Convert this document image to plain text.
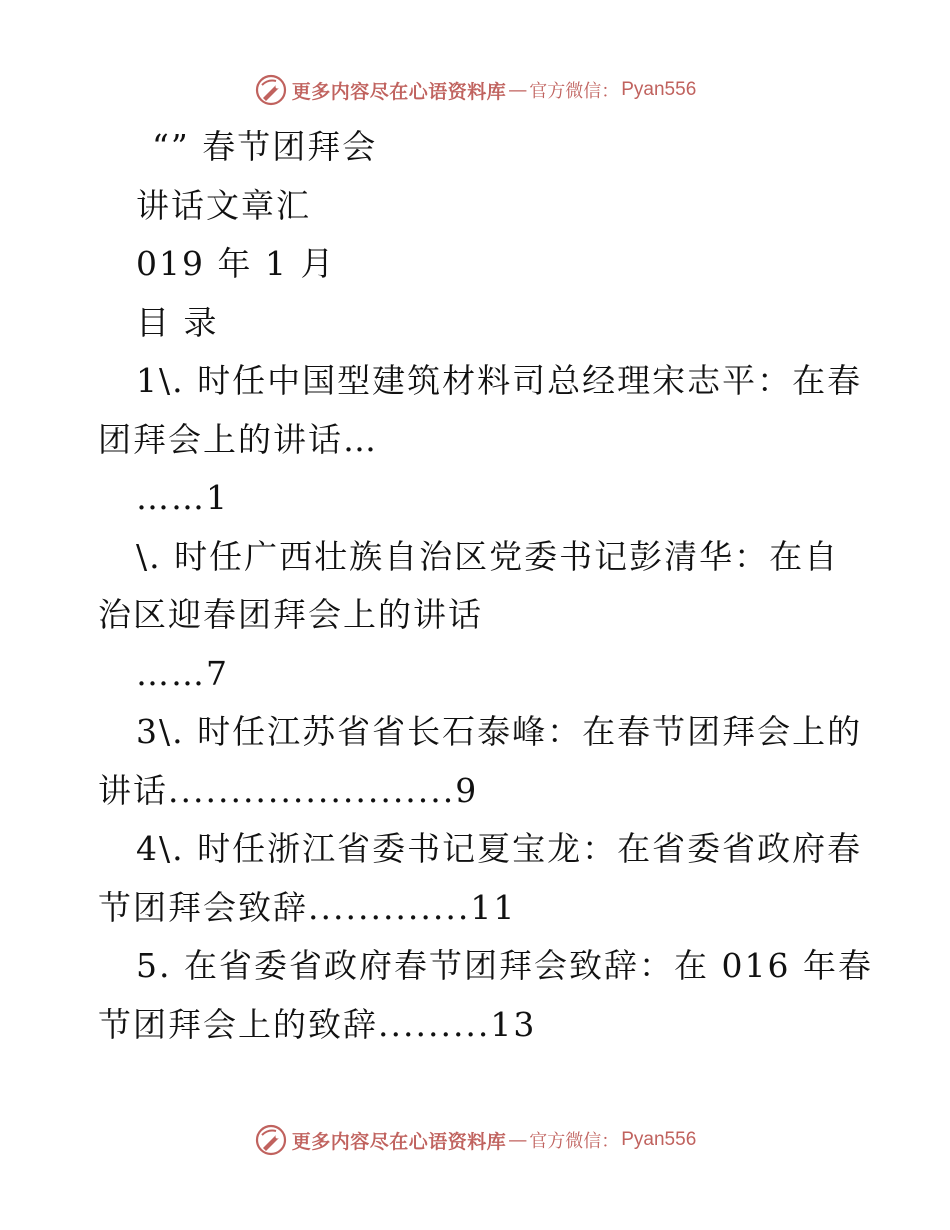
更多内容尽在心语资料库 — 官方微信： Pyan556
“” 春节团拜会
讲话文章汇
019 年 1 月
目 录
1\. 时任中国型建筑材料司总经理宋志平：在春
团拜会上的讲话…
……1
\. 时任广西壮族自治区党委书记彭清华：在自
治区迎春团拜会上的讲话
……7
3\. 时任江苏省省长石泰峰：在春节团拜会上的
讲话.......................9
4\. 时任浙江省委书记夏宝龙：在省委省政府春
节团拜会致辞.............11
5. 在省委省政府春节团拜会致辞：在 016 年春
节团拜会上的致辞.........13
更多内容尽在心语资料库 — 官方微信： Pyan556
